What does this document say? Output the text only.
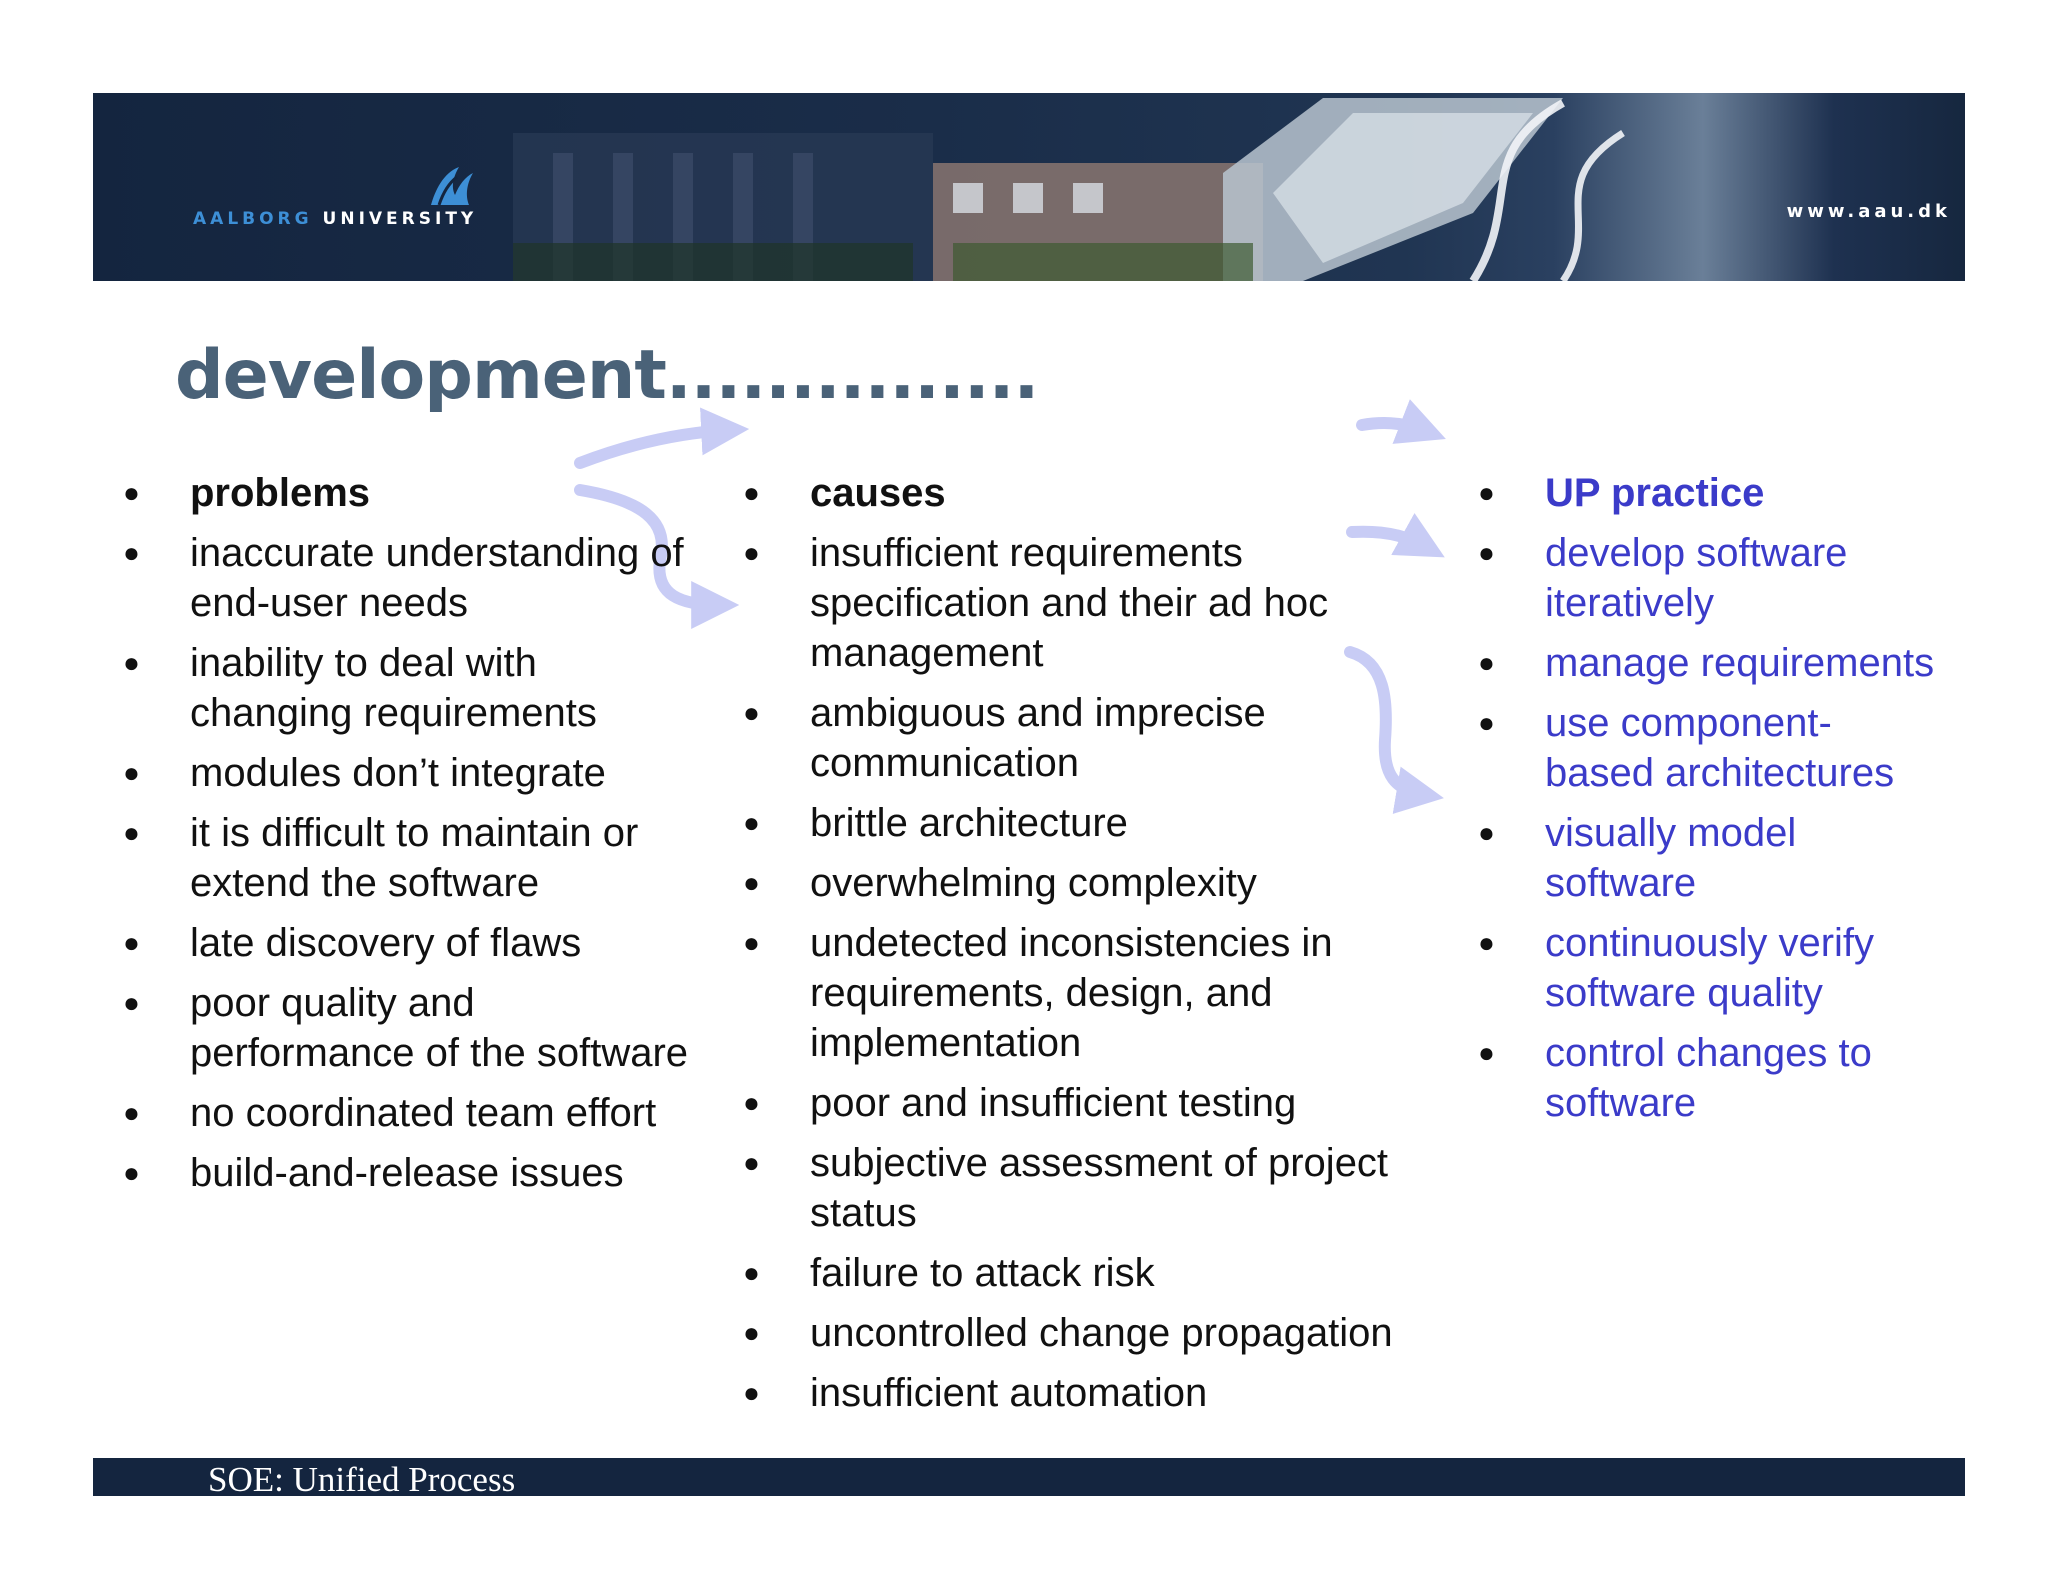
AALBORG UNIVERSITY	www.aau.dk
development...............
● problems
● inaccurate understanding of end-user needs
● inability to deal with changing requirements
● modules don’t integrate
● it is difficult to maintain or extend the software
● late discovery of flaws
● poor quality and performance of the software
● no coordinated team effort
● build-and-release issues
● causes
● insufficient requirements specification and their ad hoc management
● ambiguous and imprecise communication
● brittle architecture
● overwhelming complexity
● undetected inconsistencies in requirements, design, and implementation
● poor and insufficient testing
● subjective assessment of project status
● failure to attack risk
● uncontrolled change propagation
● insufficient automation
● UP practice
● develop software iteratively
● manage requirements
● use component-based architectures
● visually model software
● continuously verify software quality
● control changes to software
SOE: Unified Process
